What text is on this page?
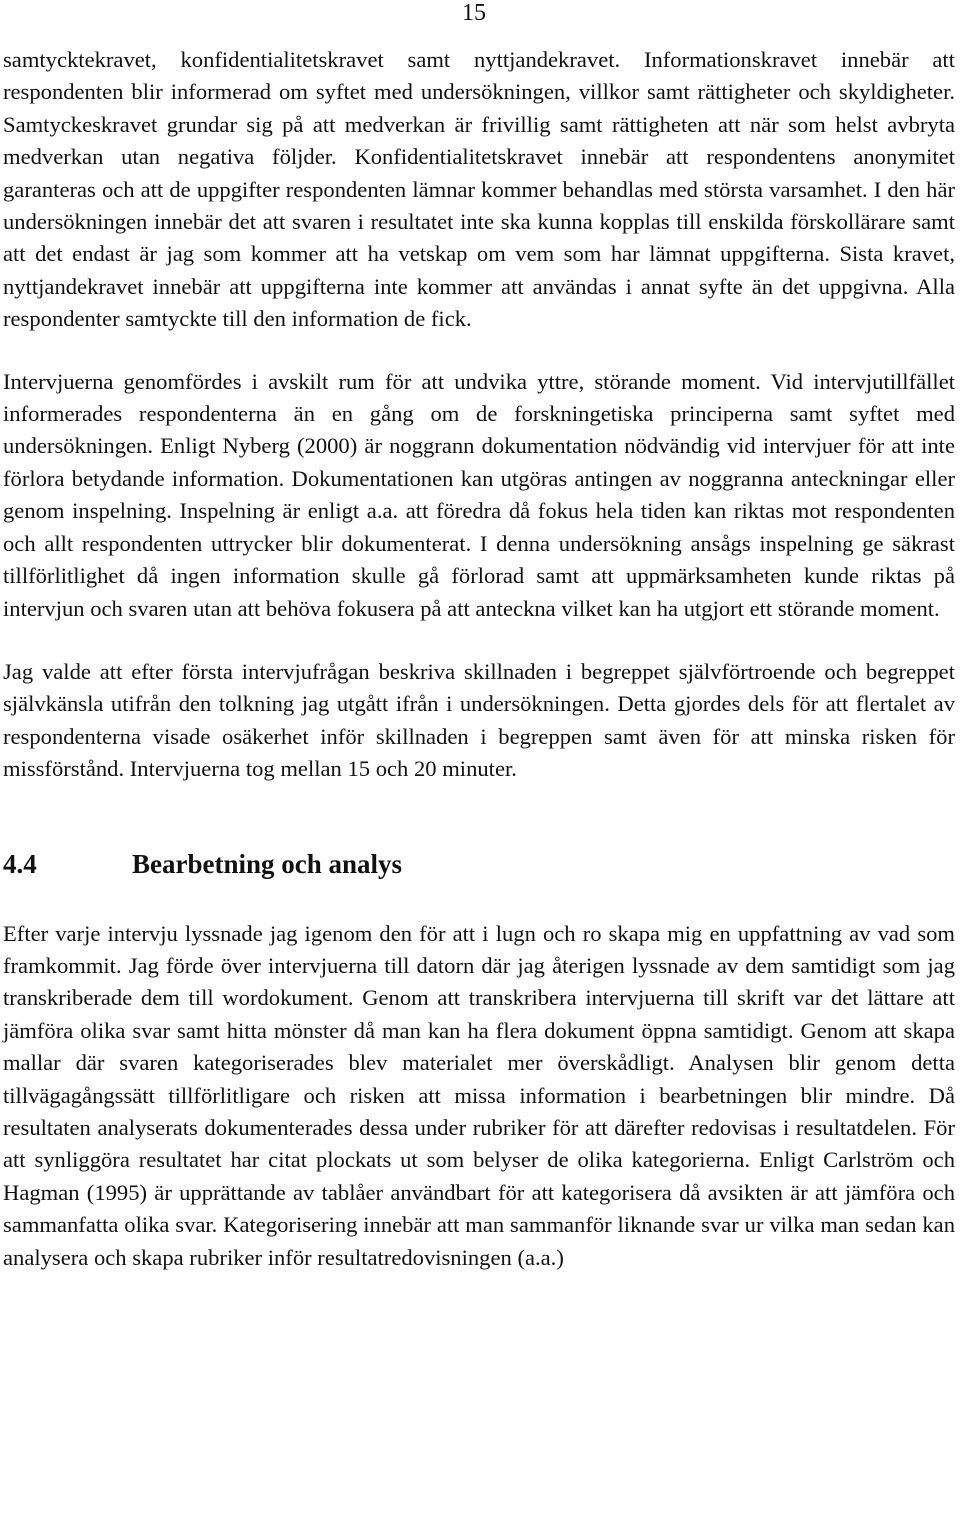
15

samtycktekravet, konfidentialitetskravet samt nyttjandekravet. Informationskravet innebär att respondenten blir informerad om syftet med undersökningen, villkor samt rättigheter och skyldigheter. Samtyckeskravet grundar sig på att medverkan är frivillig samt rättigheten att när som helst avbryta medverkan utan negativa följder. Konfidentialitetskravet innebär att respondentens anonymitet garanteras och att de uppgifter respondenten lämnar kommer behandlas med största varsamhet. I den här undersökningen innebär det att svaren i resultatet inte ska kunna kopplas till enskilda förskollärare samt att det endast är jag som kommer att ha vetskap om vem som har lämnat uppgifterna. Sista kravet, nyttjandekravet innebär att uppgifterna inte kommer att användas i annat syfte än det uppgivna. Alla respondenter samtyckte till den information de fick.

Intervjuerna genomfördes i avskilt rum för att undvika yttre, störande moment. Vid intervjutillfället informerades respondenterna än en gång om de forskningetiska principerna samt syftet med undersökningen. Enligt Nyberg (2000) är noggrann dokumentation nödvändig vid intervjuer för att inte förlora betydande information. Dokumentationen kan utgöras antingen av noggranna anteckningar eller genom inspelning. Inspelning är enligt a.a. att föredra då fokus hela tiden kan riktas mot respondenten och allt respondenten uttrycker blir dokumenterat. I denna undersökning ansågs inspelning ge säkrast tillförlitlighet då ingen information skulle gå förlorad samt att uppmärksamheten kunde riktas på intervjun och svaren utan att behöva fokusera på att anteckna vilket kan ha utgjort ett störande moment.

Jag valde att efter första intervjufrågan beskriva skillnaden i begreppet självförtroende och begreppet självkänsla utifrån den tolkning jag utgått ifrån i undersökningen. Detta gjordes dels för att flertalet av respondenterna visade osäkerhet inför skillnaden i begreppen samt även för att minska risken för missförstånd. Intervjuerna tog mellan 15 och 20 minuter.

4.4	Bearbetning och analys

Efter varje intervju lyssnade jag igenom den för att i lugn och ro skapa mig en uppfattning av vad som framkommit. Jag förde över intervjuerna till datorn där jag återigen lyssnade av dem samtidigt som jag transkriberade dem till wordokument. Genom att transkribera intervjuerna till skrift var det lättare att jämföra olika svar samt hitta mönster då man kan ha flera dokument öppna samtidigt. Genom att skapa mallar där svaren kategoriserades blev materialet mer överskådligt. Analysen blir genom detta tillvägagångssätt tillförlitligare och risken att missa information i bearbetningen blir mindre. Då resultaten analyserats dokumenterades dessa under rubriker för att därefter redovisas i resultatdelen. För att synliggöra resultatet har citat plockats ut som belyser de olika kategorierna. Enligt Carlström och Hagman (1995) är upprättande av tablåer användbart för att kategorisera då avsikten är att jämföra och sammanfatta olika svar. Kategorisering innebär att man sammanför liknande svar ur vilka man sedan kan analysera och skapa rubriker inför resultatredovisningen (a.a.)
